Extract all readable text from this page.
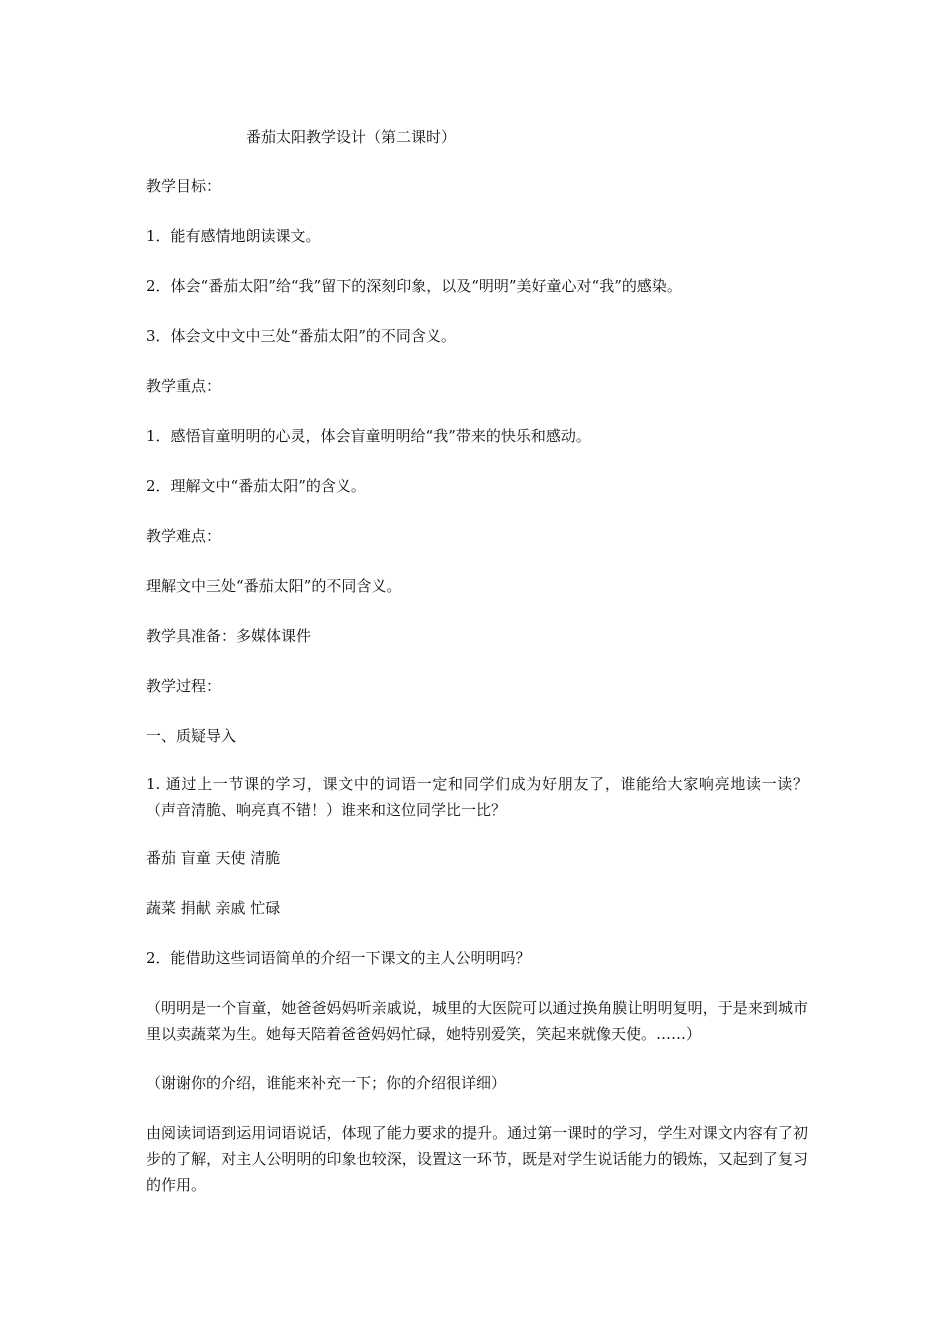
番茄太阳教学设计（第二课时）
教学目标：
1．能有感情地朗读课文。
2．体会“番茄太阳”给“我”留下的深刻印象，以及“明明”美好童心对“我”的感染。
3．体会文中文中三处“番茄太阳”的不同含义。
教学重点：
1．感悟盲童明明的心灵，体会盲童明明给“我”带来的快乐和感动。
2．理解文中“番茄太阳”的含义。
教学难点：
理解文中三处“番茄太阳”的不同含义。
教学具准备：多媒体课件
教学过程：
一、质疑导入
1. 通过上一节课的学习，课文中的词语一定和同学们成为好朋友了，谁能给大家响亮地读一读？（声音清脆、响亮真不错！）谁来和这位同学比一比？
番茄 盲童 天使 清脆
蔬菜 捐献 亲戚 忙碌
2．能借助这些词语简单的介绍一下课文的主人公明明吗？
（明明是一个盲童，她爸爸妈妈听亲戚说，城里的大医院可以通过换角膜让明明复明，于是来到城市里以卖蔬菜为生。她每天陪着爸爸妈妈忙碌，她特别爱笑，笑起来就像天使。……）
（谢谢你的介绍，谁能来补充一下；你的介绍很详细）
由阅读词语到运用词语说话，体现了能力要求的提升。通过第一课时的学习，学生对课文内容有了初步的了解，对主人公明明的印象也较深，设置这一环节，既是对学生说话能力的锻炼，又起到了复习的作用。
